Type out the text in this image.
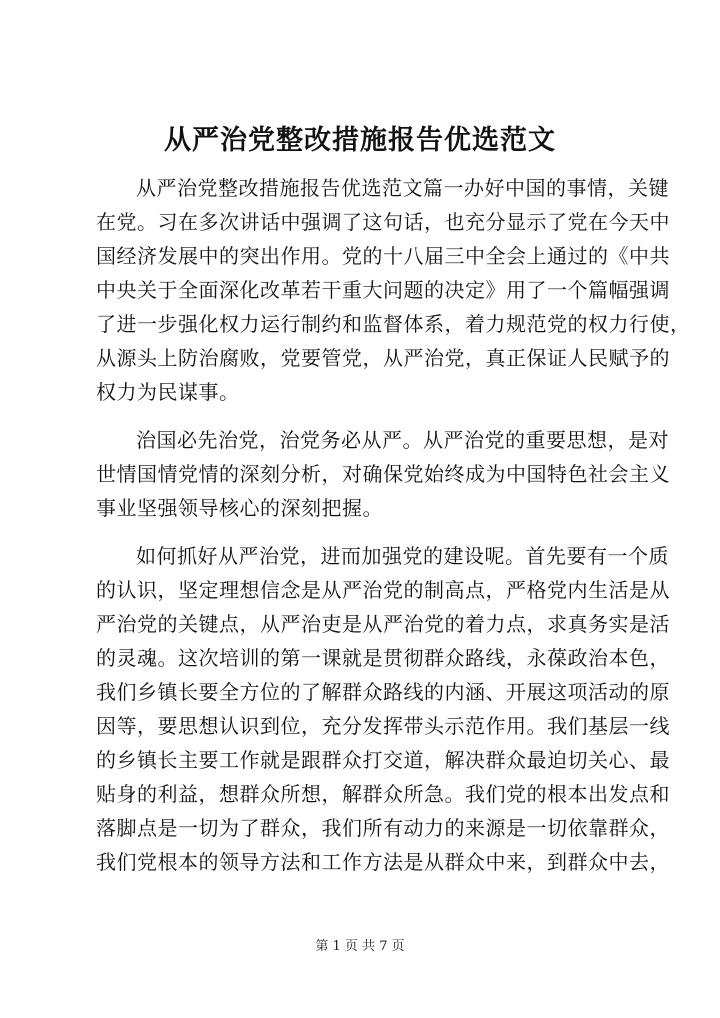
从严治党整改措施报告优选范文
从严治党整改措施报告优选范文篇一办好中国的事情，关键
在党。习在多次讲话中强调了这句话，也充分显示了党在今天中
国经济发展中的突出作用。党的十八届三中全会上通过的《中共
中央关于全面深化改革若干重大问题的决定》用了一个篇幅强调
了进一步强化权力运行制约和监督体系，着力规范党的权力行使，
从源头上防治腐败，党要管党，从严治党，真正保证人民赋予的
权力为民谋事。
治国必先治党，治党务必从严。从严治党的重要思想，是对
世情国情党情的深刻分析，对确保党始终成为中国特色社会主义
事业坚强领导核心的深刻把握。
如何抓好从严治党，进而加强党的建设呢。首先要有一个质
的认识，坚定理想信念是从严治党的制高点，严格党内生活是从
严治党的关键点，从严治吏是从严治党的着力点，求真务实是活
的灵魂。这次培训的第一课就是贯彻群众路线，永葆政治本色，
我们乡镇长要全方位的了解群众路线的内涵、开展这项活动的原
因等，要思想认识到位，充分发挥带头示范作用。我们基层一线
的乡镇长主要工作就是跟群众打交道，解决群众最迫切关心、最
贴身的利益，想群众所想，解群众所急。我们党的根本出发点和
落脚点是一切为了群众，我们所有动力的来源是一切依靠群众，
我们党根本的领导方法和工作方法是从群众中来，到群众中去，
第 1 页 共 7 页
